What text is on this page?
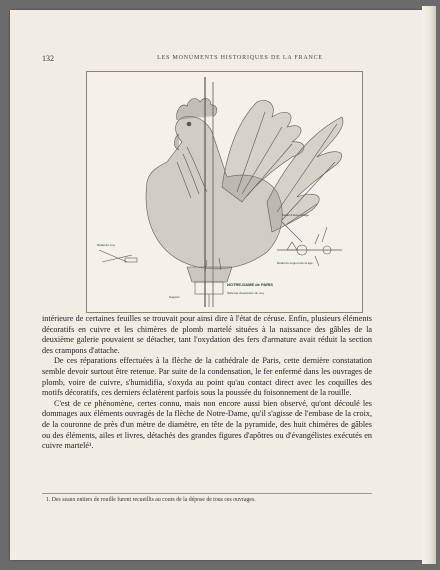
132	LES MONUMENTS HISTORIQUES DE LA FRANCE
Détail du coq
Détail d'assemblage
Détail du support de la tige
Support
NOTRE-DAME de PARIS
Schéma d'exécution du coq

intérieure de certaines feuilles se trouvait pour ainsi dire à l'état de céruse. Enfin, plusieurs éléments décoratifs en cuivre et les chimères de plomb martelé situées à la naissance des gâbles de la deuxième galerie pouvaient se détacher, tant l'oxydation des fers d'armature avait réduit la section des crampons d'attache.

De ces réparations effectuées à la flèche de la cathédrale de Paris, cette dernière constatation semble devoir surtout être retenue. Par suite de la condensation, le fer enfermé dans les ouvrages de plomb, voire de cuivre, s'humidifia, s'oxyda au point qu'au contact direct avec les coquilles des motifs décoratifs, ces derniers éclatèrent parfois sous la poussée du foisonnement de la rouille.

C'est de ce phénomène, certes connu, mais non encore aussi bien observé, qu'ont découlé les dommages aux éléments ouvragés de la flèche de Notre-Dame, qu'il s'agisse de l'embase de la croix, de la couronne de près d'un mètre de diamètre, en tête de la pyramide, des huit chimères de gâbles ou des éléments, ailes et livres, détachés des grandes figures d'apôtres ou d'évangélistes exécutés en cuivre martelé¹.

1. Des seaux entiers de rouille furent recueillis au cours de la dépose de tous ces ouvrages.
